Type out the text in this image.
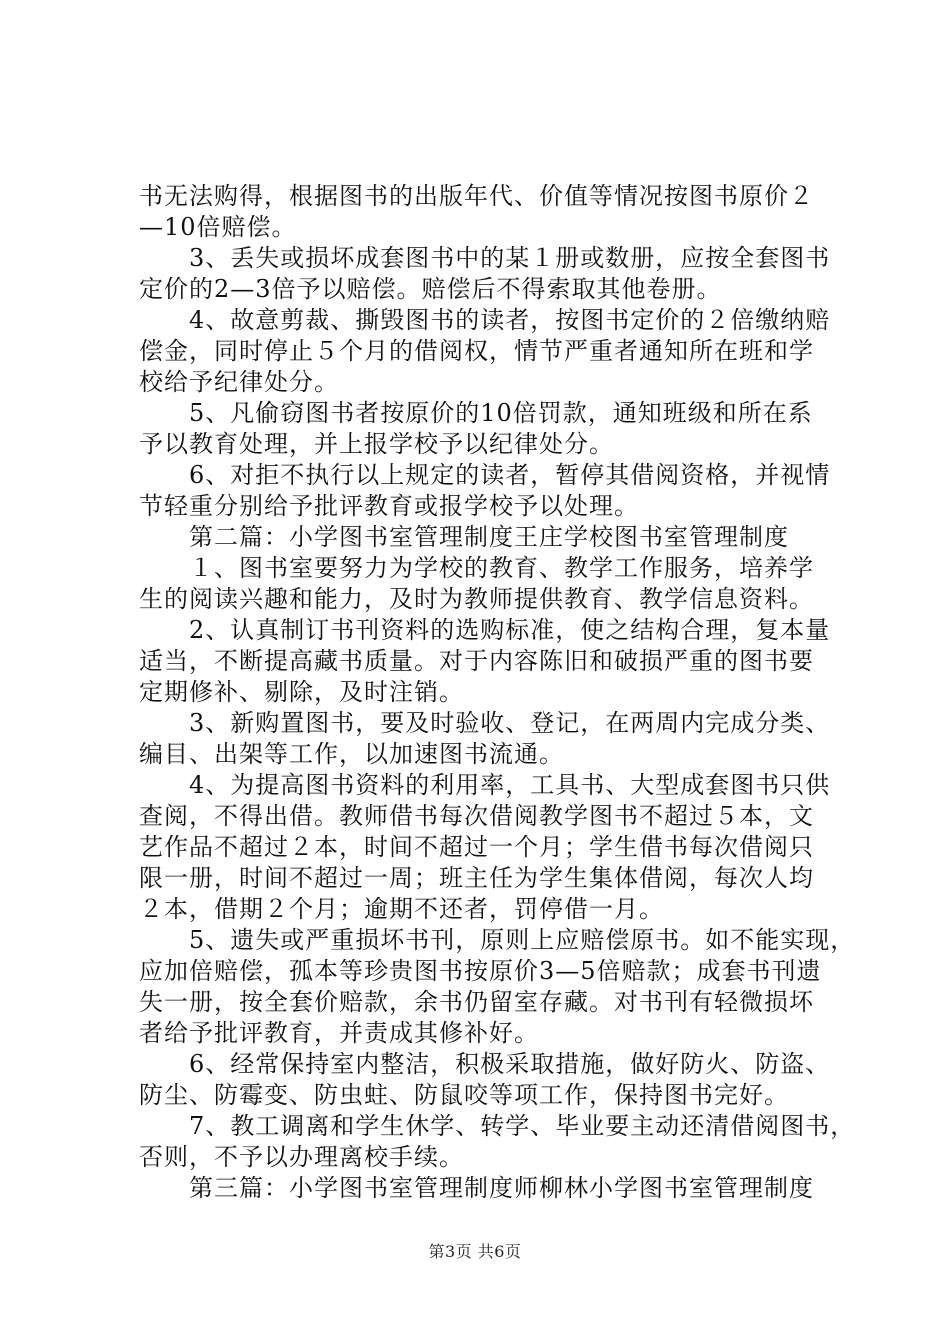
书无法购得，根据图书的出版年代、价值等情况按图书原价２
—10倍赔偿。
　　3、丢失或损坏成套图书中的某１册或数册，应按全套图书
定价的2—3倍予以赔偿。赔偿后不得索取其他卷册。
　　4、故意剪裁、撕毁图书的读者，按图书定价的２倍缴纳赔
偿金，同时停止５个月的借阅权，情节严重者通知所在班和学
校给予纪律处分。
　　5、凡偷窃图书者按原价的10倍罚款，通知班级和所在系
予以教育处理，并上报学校予以纪律处分。
　　6、对拒不执行以上规定的读者，暂停其借阅资格，并视情
节轻重分别给予批评教育或报学校予以处理。
　　第二篇：小学图书室管理制度王庄学校图书室管理制度
　　１、图书室要努力为学校的教育、教学工作服务，培养学
生的阅读兴趣和能力，及时为教师提供教育、教学信息资料。
　　2、认真制订书刊资料的选购标准，使之结构合理，复本量
适当，不断提高藏书质量。对于内容陈旧和破损严重的图书要
定期修补、剔除，及时注销。
　　3、新购置图书，要及时验收、登记，在两周内完成分类、
编目、出架等工作，以加速图书流通。
　　4、为提高图书资料的利用率，工具书、大型成套图书只供
查阅，不得出借。教师借书每次借阅教学图书不超过５本，文
艺作品不超过２本，时间不超过一个月；学生借书每次借阅只
限一册，时间不超过一周；班主任为学生集体借阅，每次人均
２本，借期２个月；逾期不还者，罚停借一月。
　　5、遗失或严重损坏书刊，原则上应赔偿原书。如不能实现，
应加倍赔偿，孤本等珍贵图书按原价3—5倍赔款；成套书刊遗
失一册，按全套价赔款，余书仍留室存藏。对书刊有轻微损坏
者给予批评教育，并责成其修补好。
　　6、经常保持室内整洁，积极采取措施，做好防火、防盗、
防尘、防霉变、防虫蛀、防鼠咬等项工作，保持图书完好。
　　7、教工调离和学生休学、转学、毕业要主动还清借阅图书，
否则，不予以办理离校手续。
　　第三篇：小学图书室管理制度师柳林小学图书室管理制度
第3页 共6页
